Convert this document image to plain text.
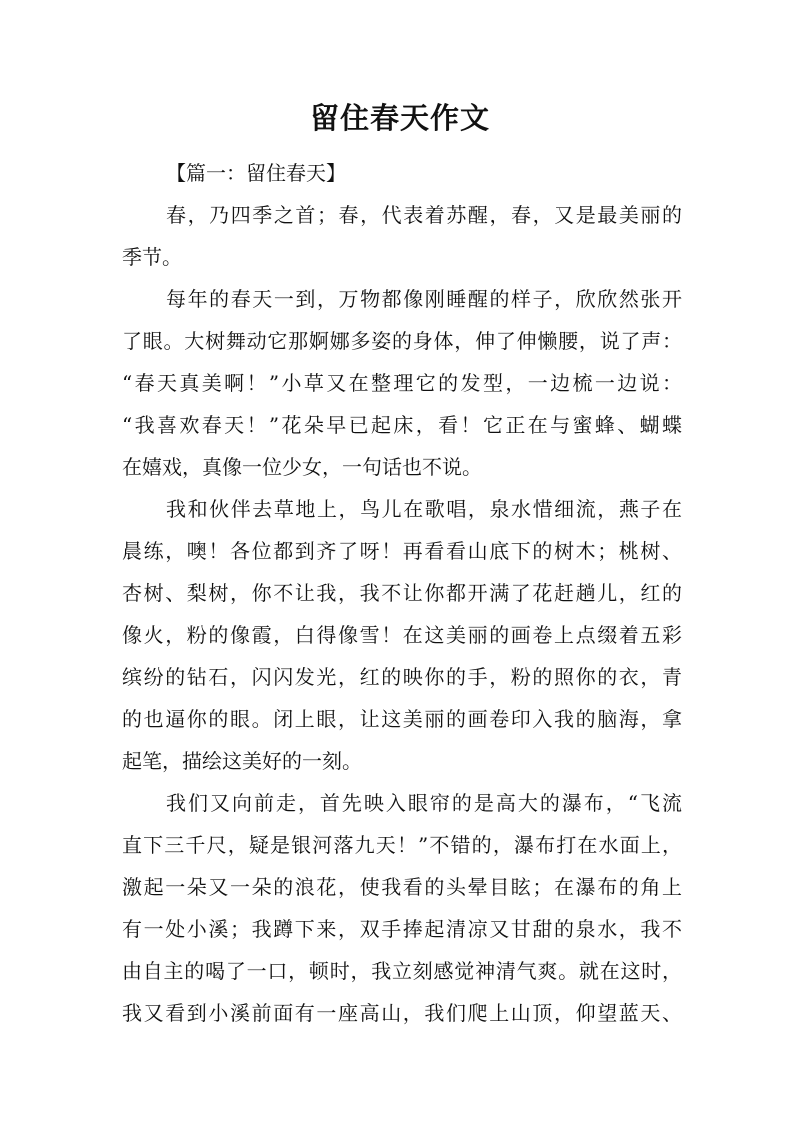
留住春天作文
【篇一：留住春天】
春，乃四季之首；春，代表着苏醒，春，又是最美丽的
季节。
每年的春天一到，万物都像刚睡醒的样子，欣欣然张开
了眼。大树舞动它那婀娜多姿的身体，伸了伸懒腰，说了声：
“春天真美啊！”小草又在整理它的发型，一边梳一边说：
“我喜欢春天！”花朵早已起床，看！它正在与蜜蜂、蝴蝶
在嬉戏，真像一位少女，一句话也不说。
我和伙伴去草地上，鸟儿在歌唱，泉水惜细流，燕子在
晨练，噢！各位都到齐了呀！再看看山底下的树木；桃树、
杏树、梨树，你不让我，我不让你都开满了花赶趟儿，红的
像火，粉的像霞，白得像雪！在这美丽的画卷上点缀着五彩
缤纷的钻石，闪闪发光，红的映你的手，粉的照你的衣，青
的也逼你的眼。闭上眼，让这美丽的画卷印入我的脑海，拿
起笔，描绘这美好的一刻。
我们又向前走，首先映入眼帘的是高大的瀑布，“飞流
直下三千尺，疑是银河落九天！”不错的，瀑布打在水面上，
激起一朵又一朵的浪花，使我看的头晕目眩；在瀑布的角上
有一处小溪；我蹲下来，双手捧起清凉又甘甜的泉水，我不
由自主的喝了一口，顿时，我立刻感觉神清气爽。就在这时，
我又看到小溪前面有一座高山，我们爬上山顶，仰望蓝天、
